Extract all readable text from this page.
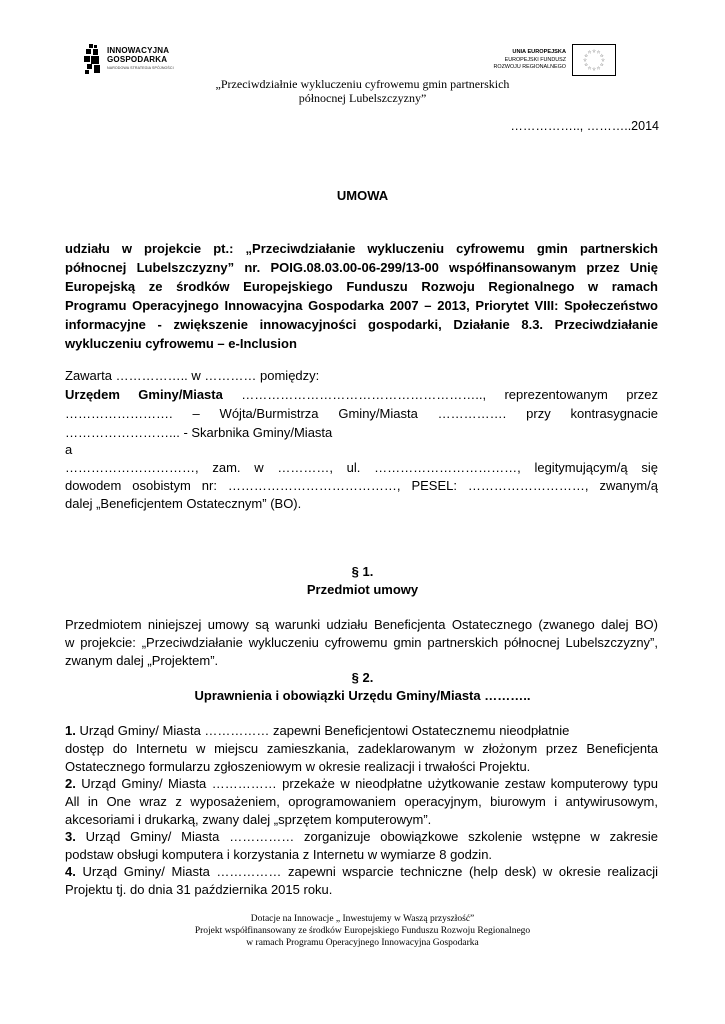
INNOWACYJNA
GOSPODARKA
NARODOWA STRATEGIA SPÓJNOŚCI
UNIA EUROPEJSKA
EUROPEJSKI FUNDUSZ
ROZWOJU REGIONALNEGO
☆
☆
☆
☆
☆
☆
☆
☆
☆ ☆ ☆
☆
„Przeciwdziałnie wykluczeniu cyfrowemu gmin partnerskich
północnej Lubelszczyzny”
…………….., ………..2014
UMOWA
udziału w projekcie pt.: „Przeciwdziałanie wykluczeniu cyfrowemu gmin partnerskich
północnej Lubelszczyzny” nr. POIG.08.03.00-06-299/13-00 współfinansowanym przez Unię
Europejską ze środków Europejskiego Funduszu Rozwoju Regionalnego w ramach
Programu Operacyjnego Innowacyjna Gospodarka 2007 – 2013, Priorytet VIII: Społeczeństwo
informacyjne - zwiększenie innowacyjności gospodarki, Działanie 8.3. Przeciwdziałanie
wykluczeniu cyfrowemu – e-Inclusion
Zawarta …………….. w ………… pomiędzy:
Urzędem Gminy/Miasta ……………………………………………….., reprezentowanym przez
……………………. – Wójta/Burmistrza Gminy/Miasta ……………. przy kontrasygnacie
……………………... - Skarbnika Gminy/Miasta
a
…………………………, zam. w …………, ul. ……………………………, legitymującym/ą się
dowodem osobistym nr: …………………………………, PESEL: ………………………, zwanym/ą
dalej „Beneficjentem Ostatecznym” (BO).
§ 1.
Przedmiot umowy
Przedmiotem niniejszej umowy są warunki udziału Beneficjenta Ostatecznego (zwanego dalej BO)
w projekcie: „Przeciwdziałanie wykluczeniu cyfrowemu gmin partnerskich północnej Lubelszczyzny”,
zwanym dalej „Projektem”.
§ 2.
Uprawnienia i obowiązki Urzędu Gminy/Miasta ………..
1. Urząd Gminy/ Miasta …………… zapewni Beneficjentowi Ostatecznemu nieodpłatnie
dostęp do Internetu w miejscu zamieszkania, zadeklarowanym w złożonym przez Beneficjenta
Ostatecznego formularzu zgłoszeniowym w okresie realizacji i trwałości Projektu.
2. Urząd Gminy/ Miasta …………… przekaże w nieodpłatne użytkowanie zestaw komputerowy typu
All in One wraz z wyposażeniem, oprogramowaniem operacyjnym, biurowym i antywirusowym,
akcesoriami i drukarką, zwany dalej „sprzętem komputerowym”.
3. Urząd Gminy/ Miasta …………… zorganizuje obowiązkowe szkolenie wstępne w zakresie
podstaw obsługi komputera i korzystania z Internetu w wymiarze 8 godzin.
4. Urząd Gminy/ Miasta …………… zapewni wsparcie techniczne (help desk) w okresie realizacji
Projektu tj. do dnia 31 października 2015 roku.
Dotacje na Innowacje „ Inwestujemy w Waszą przyszłość”
Projekt współfinansowany ze środków Europejskiego Funduszu Rozwoju Regionalnego
w ramach Programu Operacyjnego Innowacyjna Gospodarka
